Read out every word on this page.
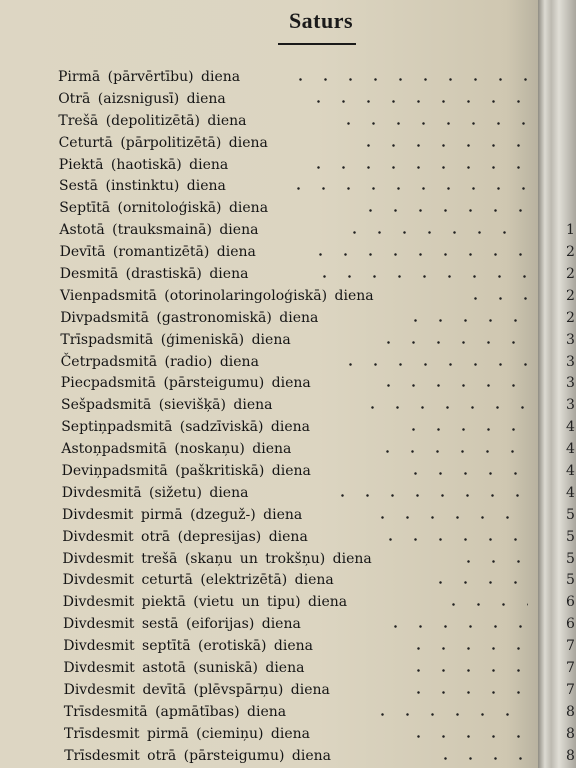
Saturs
Pirmā (pārvērtību) diena
Otrā (aizsnigusī) diena
Trešā (depolitizētā) diena
Ceturtā (pārpolitizētā) diena
Piektā (haotiskā) diena
Sestā (instinktu) diena
Septītā (ornitoloģiskā) diena
Astotā (trauksmainā) diena	1
Devītā (romantizētā) diena	2
Desmitā (drastiskā) diena	2
Vienpadsmitā (otorinolaringoloģiskā) diena	2
Divpadsmitā (gastronomiskā) diena	2
Trīspadsmitā (ģimeniskā) diena	3
Četrpadsmitā (radio) diena	3
Piecpadsmitā (pārsteigumu) diena	3
Sešpadsmitā (sievišķā) diena	3
Septiņpadsmitā (sadzīviskā) diena	4
Astoņpadsmitā (noskaņu) diena	4
Deviņpadsmitā (paškritiskā) diena	4
Divdesmitā (sižetu) diena	4
Divdesmit pirmā (dzeguž-) diena	5
Divdesmit otrā (depresijas) diena	5
Divdesmit trešā (skaņu un trokšņu) diena	5
Divdesmit ceturtā (elektrizētā) diena	5
Divdesmit piektā (vietu un tipu) diena	6
Divdesmit sestā (eiforijas) diena	6
Divdesmit septītā (erotiskā) diena	7
Divdesmit astotā (suniskā) diena	7
Divdesmit devītā (plēvspārņu) diena	7
Trīsdesmitā (apmātības) diena	8
Trīsdesmit pirmā (ciemiņu) diena	8
Trīsdesmit otrā (pārsteigumu) diena	8
